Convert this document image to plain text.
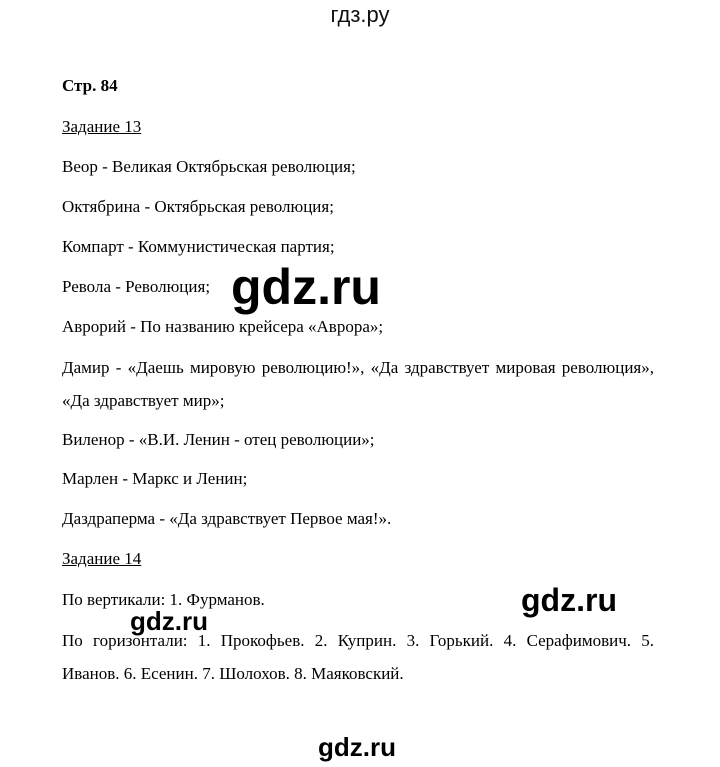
гдз.ру
Стр. 84
Задание 13
Веор - Великая Октябрьская революция;
Октябрина - Октябрьская революция;
Компарт - Коммунистическая партия;
Револа - Революция;
Аврорий - По названию крейсера «Аврора»;
Дамир - «Даешь мировую революцию!», «Да здравствует мировая революция», «Да здравствует мир»;
Виленор - «В.И. Ленин - отец революции»;
Марлен - Маркс и Ленин;
Даздраперма - «Да здравствует Первое мая!».
Задание 14
По вертикали: 1. Фурманов.
По горизонтали: 1. Прокофьев. 2. Куприн. 3. Горький. 4. Серафимович. 5. Иванов. 6. Есенин. 7. Шолохов. 8. Маяковский.
gdz.ru
gdz.ru
gdz.ru
gdz.ru
